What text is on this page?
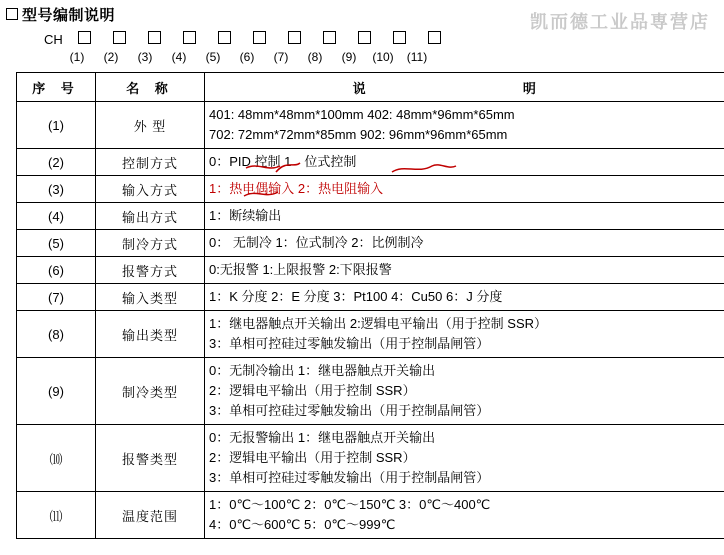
型号编制说明	凯而德工业品専营店
CH
(1)	(2)	(3)	(4)	(5)	(6)	(7)	(8)	(9)	(10)	(11)
序 号	名 称	说 明
(1)	外 型	401: 48mm*48mm*100mm 402: 48mm*96mm*65mm
702: 72mm*72mm*85mm 902: 96mm*96mm*65mm

(2)	控制方式	0：PID 控制 1　位式控制

(3)	输入方式	1：热电偶输入 2：热电阻输入

(4)	输出方式	1：断续输出

(5)	制冷方式	0： 无制冷 1：位式制冷 2：比例制冷

(6)	报警方式	0:无报警 1:上限报警 2:下限报警

(7)	输入类型	1：K 分度 2：E 分度 3：Pt100 4：Cu50 6：J 分度

(8)	输出类型	1：继电器触点开关输出 2:逻辑电平输出（用于控制 SSR）
3：单相可控硅过零触发输出（用于控制晶闸管）

(9)	制冷类型	0：无制冷输出 1：继电器触点开关输出
2：逻辑电平输出（用于控制 SSR）
3：单相可控硅过零触发输出（用于控制晶闸管）

⑽	报警类型	0：无报警输出 1：继电器触点开关输出
2：逻辑电平输出（用于控制 SSR）
3：单相可控硅过零触发输出（用于控制晶闸管）

⑾	温度范围	1：0℃～100℃ 2：0℃～150℃ 3：0℃～400℃
4：0℃～600℃ 5：0℃～999℃
